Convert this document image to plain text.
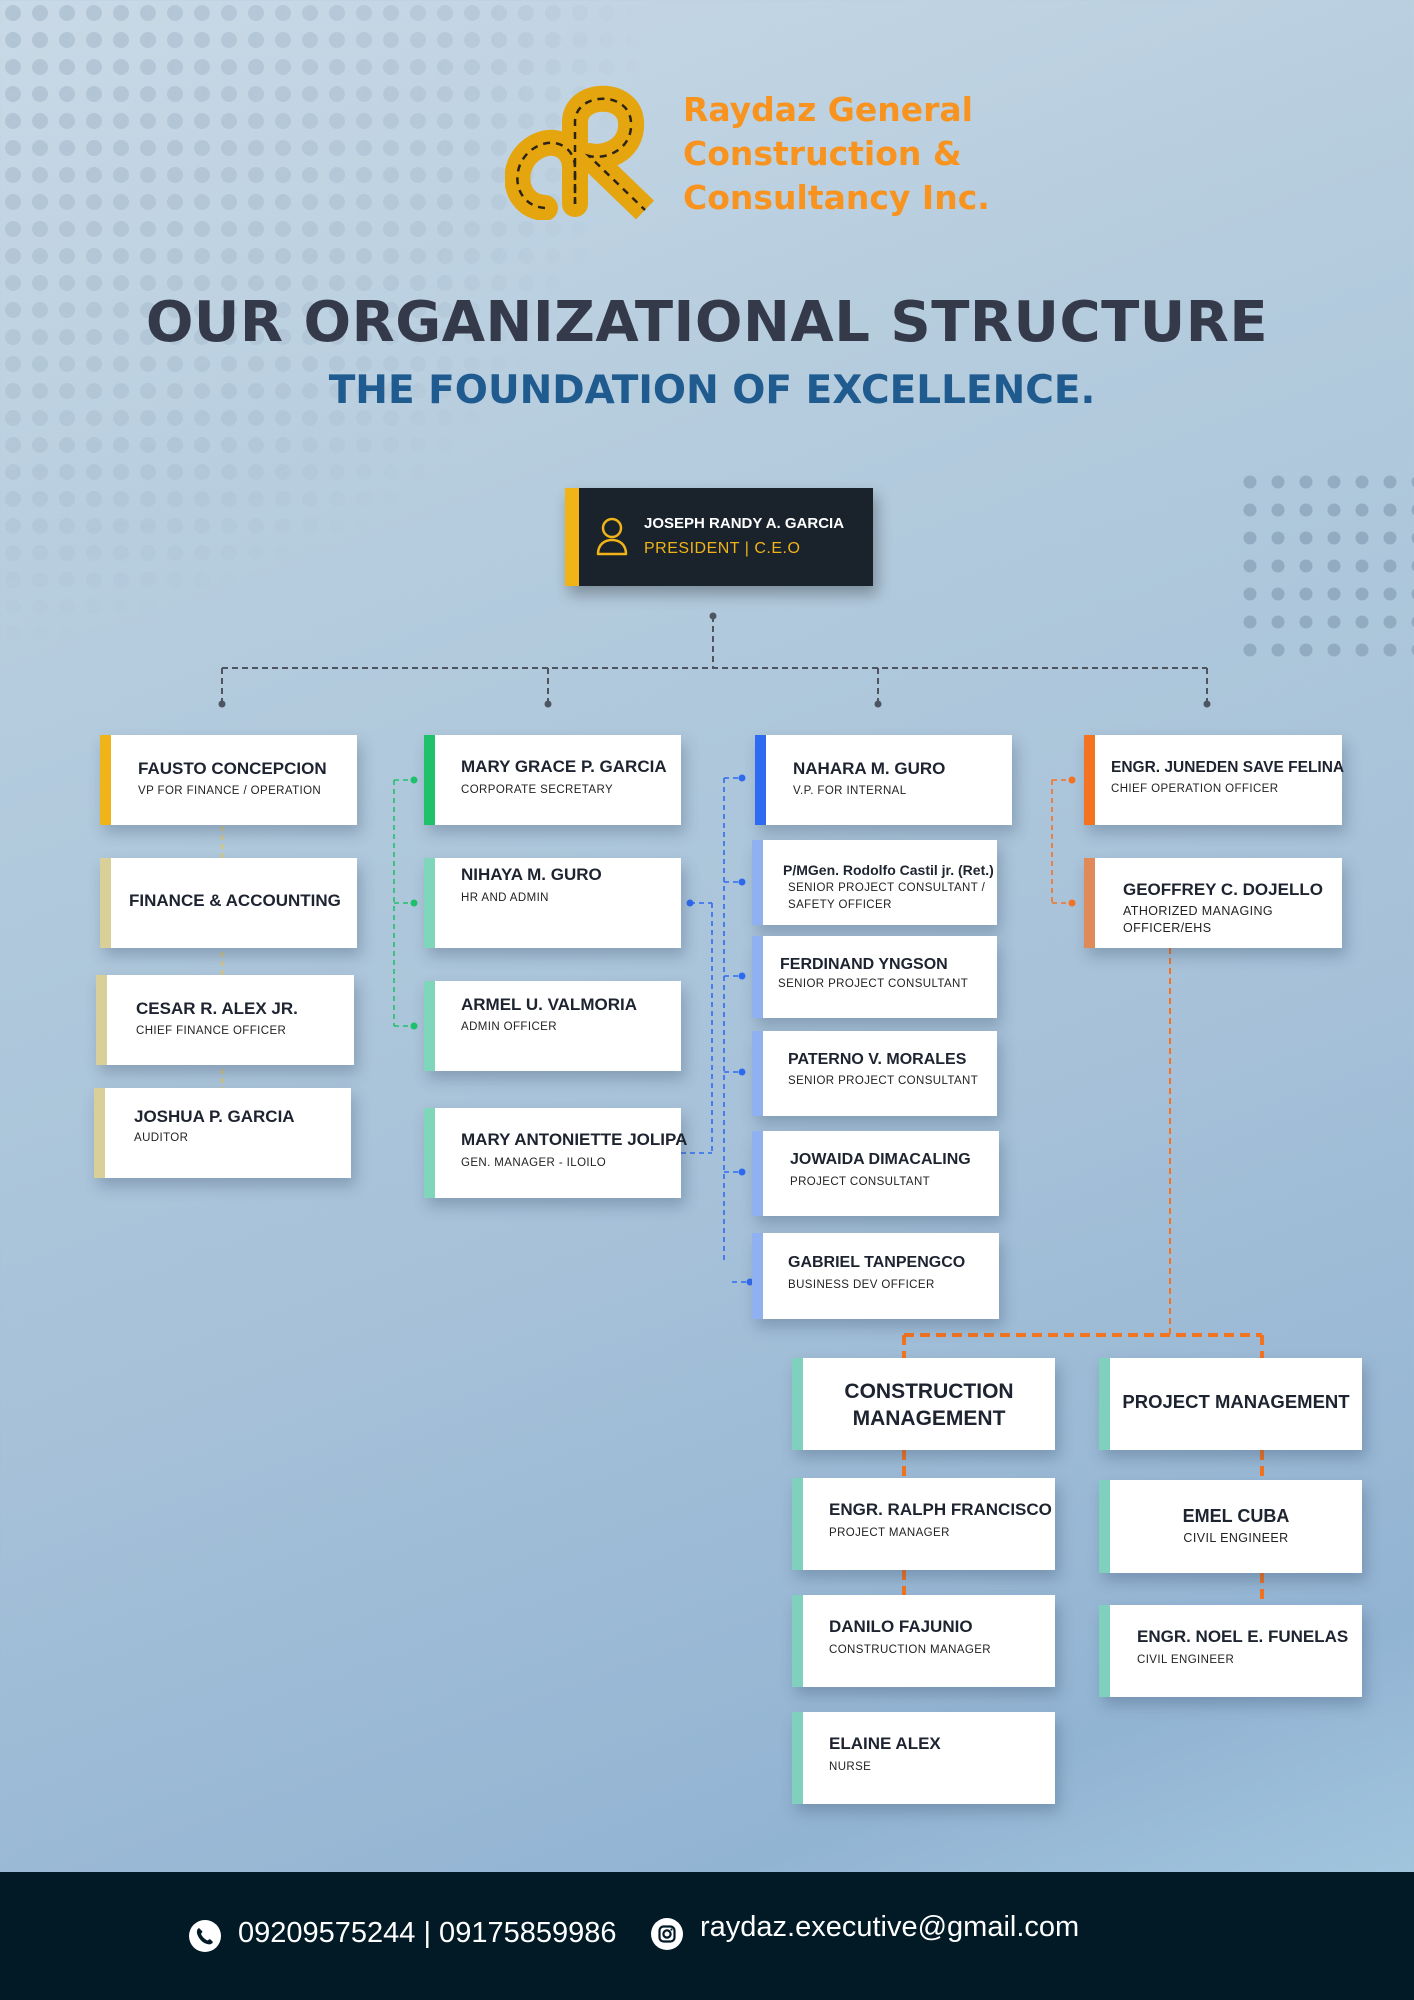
Raydaz General
Construction &
Consultancy Inc.
OUR ORGANIZATIONAL STRUCTURE
THE FOUNDATION OF EXCELLENCE.
JOSEPH RANDY A. GARCIA
PRESIDENT | C.E.O
FAUSTO CONCEPCION
VP FOR FINANCE / OPERATION
FINANCE & ACCOUNTING
CESAR R. ALEX JR.
CHIEF FINANCE OFFICER
JOSHUA P. GARCIA
AUDITOR
MARY GRACE P. GARCIA
CORPORATE SECRETARY
NIHAYA M. GURO
HR AND ADMIN
ARMEL U. VALMORIA
ADMIN OFFICER
MARY ANTONIETTE JOLIPA
GEN. MANAGER - ILOILO
NAHARA M. GURO
V.P. FOR INTERNAL
P/MGen. Rodolfo Castil jr. (Ret.)
SENIOR PROJECT CONSULTANT /
SAFETY OFFICER
FERDINAND YNGSON
SENIOR PROJECT CONSULTANT
PATERNO V. MORALES
SENIOR PROJECT CONSULTANT
JOWAIDA DIMACALING
PROJECT CONSULTANT
GABRIEL TANPENGCO
BUSINESS DEV OFFICER
ENGR. JUNEDEN SAVE FELINA
CHIEF OPERATION OFFICER
GEOFFREY C. DOJELLO
ATHORIZED MANAGING
OFFICER/EHS
CONSTRUCTION
MANAGEMENT
ENGR. RALPH FRANCISCO
PROJECT MANAGER
DANILO FAJUNIO
CONSTRUCTION MANAGER
ELAINE ALEX
NURSE
PROJECT MANAGEMENT
EMEL CUBA
CIVIL ENGINEER
ENGR. NOEL E. FUNELAS
CIVIL ENGINEER
09209575244 | 09175859986	raydaz.executive@gmail.com
